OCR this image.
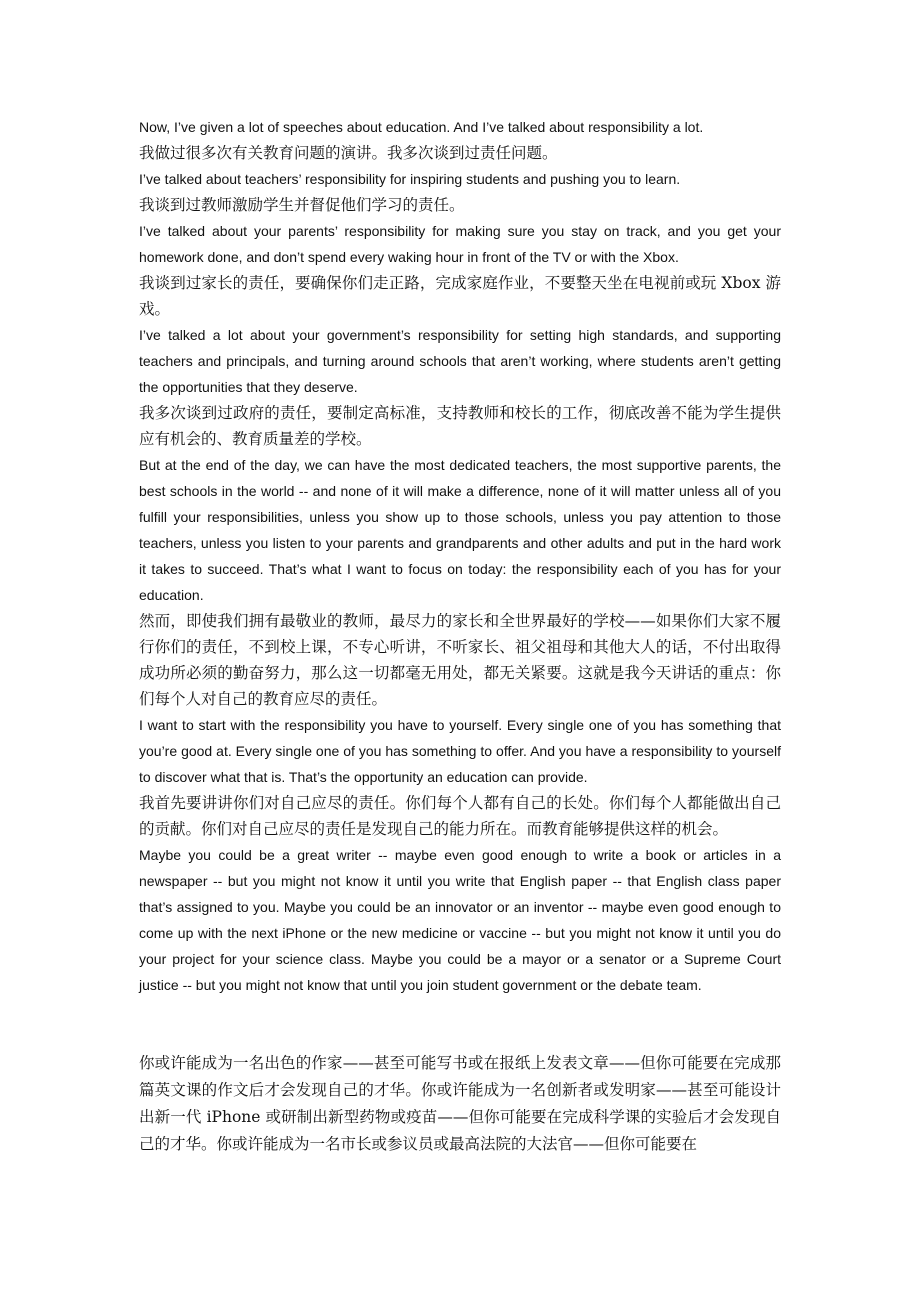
Now, I’ve given a lot of speeches about education. And I’ve talked about responsibility a lot.

我做过很多次有关教育问题的演讲。我多次谈到过责任问题。

I’ve talked about teachers’ responsibility for inspiring students and pushing you to learn.

我谈到过教师激励学生并督促他们学习的责任。

I’ve talked about your parents’ responsibility for making sure you stay on track, and you get your homework done, and don’t spend every waking hour in front of the TV or with the Xbox.

我谈到过家长的责任，要确保你们走正路，完成家庭作业，不要整天坐在电视前或玩 Xbox 游戏。

I’ve talked a lot about your government’s responsibility for setting high standards, and supporting teachers and principals, and turning around schools that aren’t working, where students aren’t getting the opportunities that they deserve.

我多次谈到过政府的责任，要制定高标准，支持教师和校长的工作，彻底改善不能为学生提供应有机会的、教育质量差的学校。

But at the end of the day, we can have the most dedicated teachers, the most supportive parents, the best schools in the world -- and none of it will make a difference, none of it will matter unless all of you fulfill your responsibilities, unless you show up to those schools, unless you pay attention to those teachers, unless you listen to your parents and grandparents and other adults and put in the hard work it takes to succeed. That’s what I want to focus on today: the responsibility each of you has for your education.

然而，即使我们拥有最敬业的教师，最尽力的家长和全世界最好的学校——如果你们大家不履行你们的责任，不到校上课，不专心听讲，不听家长、祖父祖母和其他大人的话，不付出取得成功所必须的勤奋努力，那么这一切都毫无用处，都无关紧要。这就是我今天讲话的重点：你们每个人对自己的教育应尽的责任。

I want to start with the responsibility you have to yourself. Every single one of you has something that you’re good at. Every single one of you has something to offer. And you have a responsibility to yourself to discover what that is. That’s the opportunity an education can provide.

我首先要讲讲你们对自己应尽的责任。你们每个人都有自己的长处。你们每个人都能做出自己的贡献。你们对自己应尽的责任是发现自己的能力所在。而教育能够提供这样的机会。

Maybe you could be a great writer -- maybe even good enough to write a book or articles in a newspaper -- but you might not know it until you write that English paper -- that English class paper that’s assigned to you. Maybe you could be an innovator or an inventor -- maybe even good enough to come up with the next iPhone or the new medicine or vaccine -- but you might not know it until you do your project for your science class. Maybe you could be a mayor or a senator or a Supreme Court justice -- but you might not know that until you join student government or the debate team.

你或许能成为一名出色的作家——甚至可能写书或在报纸上发表文章——但你可能要在完成那篇英文课的作文后才会发现自己的才华。你或许能成为一名创新者或发明家——甚至可能设计出新一代 iPhone 或研制出新型药物或疫苗——但你可能要在完成科学课的实验后才会发现自己的才华。你或许能成为一名市长或参议员或最高法院的大法官——但你可能要在
